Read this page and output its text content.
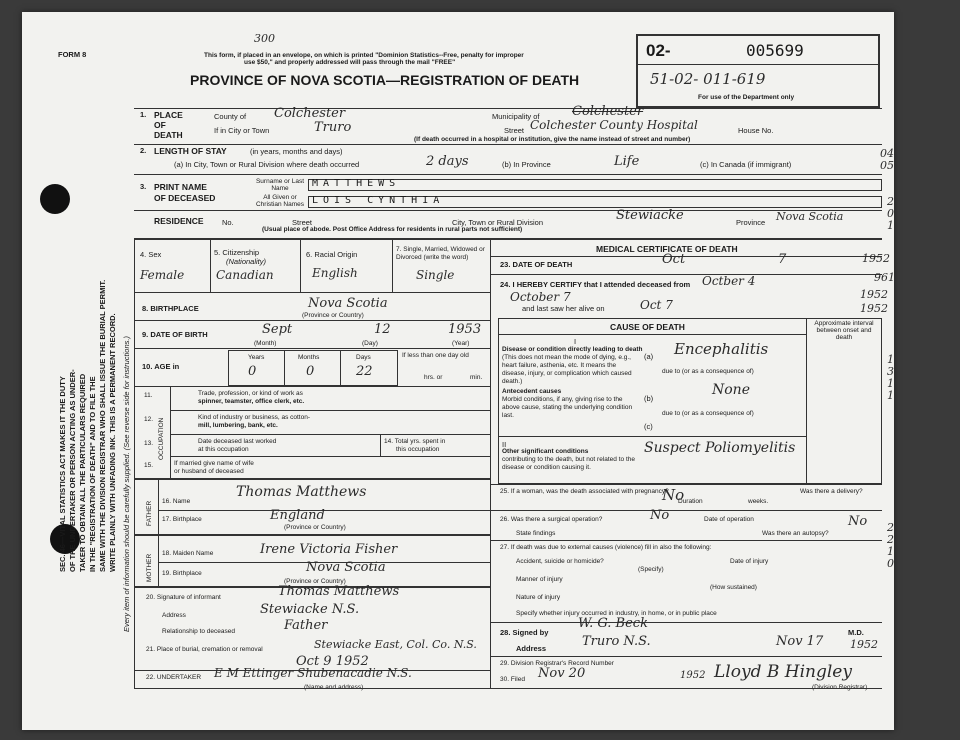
SEC. 46—VITAL STATISTICS ACT MAKES IT THE DUTY OF THE UNDERTAKER OR PERSON ACTING AS UNDER- TAKER TO OBTAIN ALL THE PARTICULARS REQUIRED IN THE "REGISTRATION OF DEATH" AND TO FILE THE SAME WITH THE DIVISION REGISTRAR WHO SHALL ISSUE THE BURIAL PERMIT. WRITE PLAINLY WITH UNFADING INK. THIS IS A PERMANENT RECORD. Every item of information should be carefully supplied. (See reverse side for instructions.)
FORM 8
300
This form, if placed in an envelope, on which is printed "Dominion Statistics--Free, penalty for improper
use $50," and properly addressed will pass through the mail "FREE"
PROVINCE OF NOVA SCOTIA—REGISTRATION OF DEATH
02-	005699
51-02- 011-619
For use of the Department only
1. PLACE
OF
DEATH
County of Colchester	Municipality of Colchester
If in City or Town	Truro	Street Colchester County Hospital	House No.
(If death occurred in a hospital or institution, give the name instead of street and number)
2. LENGTH OF STAY	(in years, months and days)
(a) In City, Town or Rural Division where death occurred	2 days	(b) In Province	Life	(c) In Canada (if immigrant)
3. PRINT NAME
OF DECEASED
Surname or Last Name
All Given or Christian Names
MATTHEWS
LOIS CYNTHIA
RESIDENCE No.	Street	City, Town or Rural Division	Stewiacke	Province Nova Scotia
(Usual place of abode. Post Office Address for residents in rural parts not sufficient)
4. Sex
Female
5. Citizenship
(Nationality)
Canadian
6. Racial Origin
English
7. Single, Married, Widowed or Divorced (write the word)
Single
8. BIRTHPLACE	Nova Scotia
(Province or Country)
9. DATE OF BIRTH	Sept	12	1953
(Month)	(Day)	(Year)
10. AGE in
Years	Months	Days
0	0	22
If less than one day old
hrs. or	min.
OCCUPATION
11.	Trade, profession, or kind of work as
spinner, teamster, office clerk, etc.
12.	Kind of industry or business, as cotton-
mill, lumbering, bank, etc.
13.	Date deceased last worked
at this occupation
14. Total yrs. spent in
this occupation
15.	If married give name of wife
or husband of deceased
FATHER 16. Name
Thomas Matthews
17. Birthplace	England
(Province or Country)
MOTHER
18. Maiden Name	Irene Victoria Fisher
19. Birthplace	Nova Scotia
(Province or Country)
20. Signature of informant	Thomas Matthews
Address	Stewiacke N.S.
Relationship to deceased	Father
21. Place of burial, cremation or removal	Stewiacke East, Col. Co. N.S.
Oct 9 1952
22. UNDERTAKER E M Ettinger Shubenacadie N.S.
MEDICAL CERTIFICATE OF DEATH
23. DATE OF DEATH	Oct	7	1952
24. I HEREBY CERTIFY that I attended deceased from Octber 4
October 7	1952
and last saw her alive on	Oct 7	1952
CAUSE OF DEATH	Approximate interval between onset and death
I
Disease or condition directly leading to death
(This does not mean the mode of dying, e.g., heart failure, asthenia, etc. It means the disease, injury, or complication which caused death.)
(a) Encephalitis
due to (or as a consequence of)
Antecedent causes
Morbid conditions, if any, giving rise to the above cause, stating the underlying condition last.
(b)
None
due to (or as a consequence of)
(c)
II
Other significant conditions
contributing to the death, but not related to the disease or condition causing it.
Suspect Poliomyelitis
25. If a woman, was the death associated with pregnancy?
No
Duration	weeks.
Was there a delivery?
26. Was there a surgical operation?	No	Date of operation
State findings	Was there an autopsy?
No
27. If death was due to external causes (violence) fill in also the following:
Accident, suicide or homicide?
(Specify)
Date of injury
Manner of injury
(How sustained)
Nature of injury
Specify whether injury occurred in industry, in home, or in public place
28. Signed by
W. G. Beck
M.D.
Address	Truro N.S.	Nov 17 1952
29. Division Registrar's Record Number
30. Filed Nov 20	1952 Lloyd B Hingley
04
05
2
0
1
961
1
3
1
1
2
2
1
0
